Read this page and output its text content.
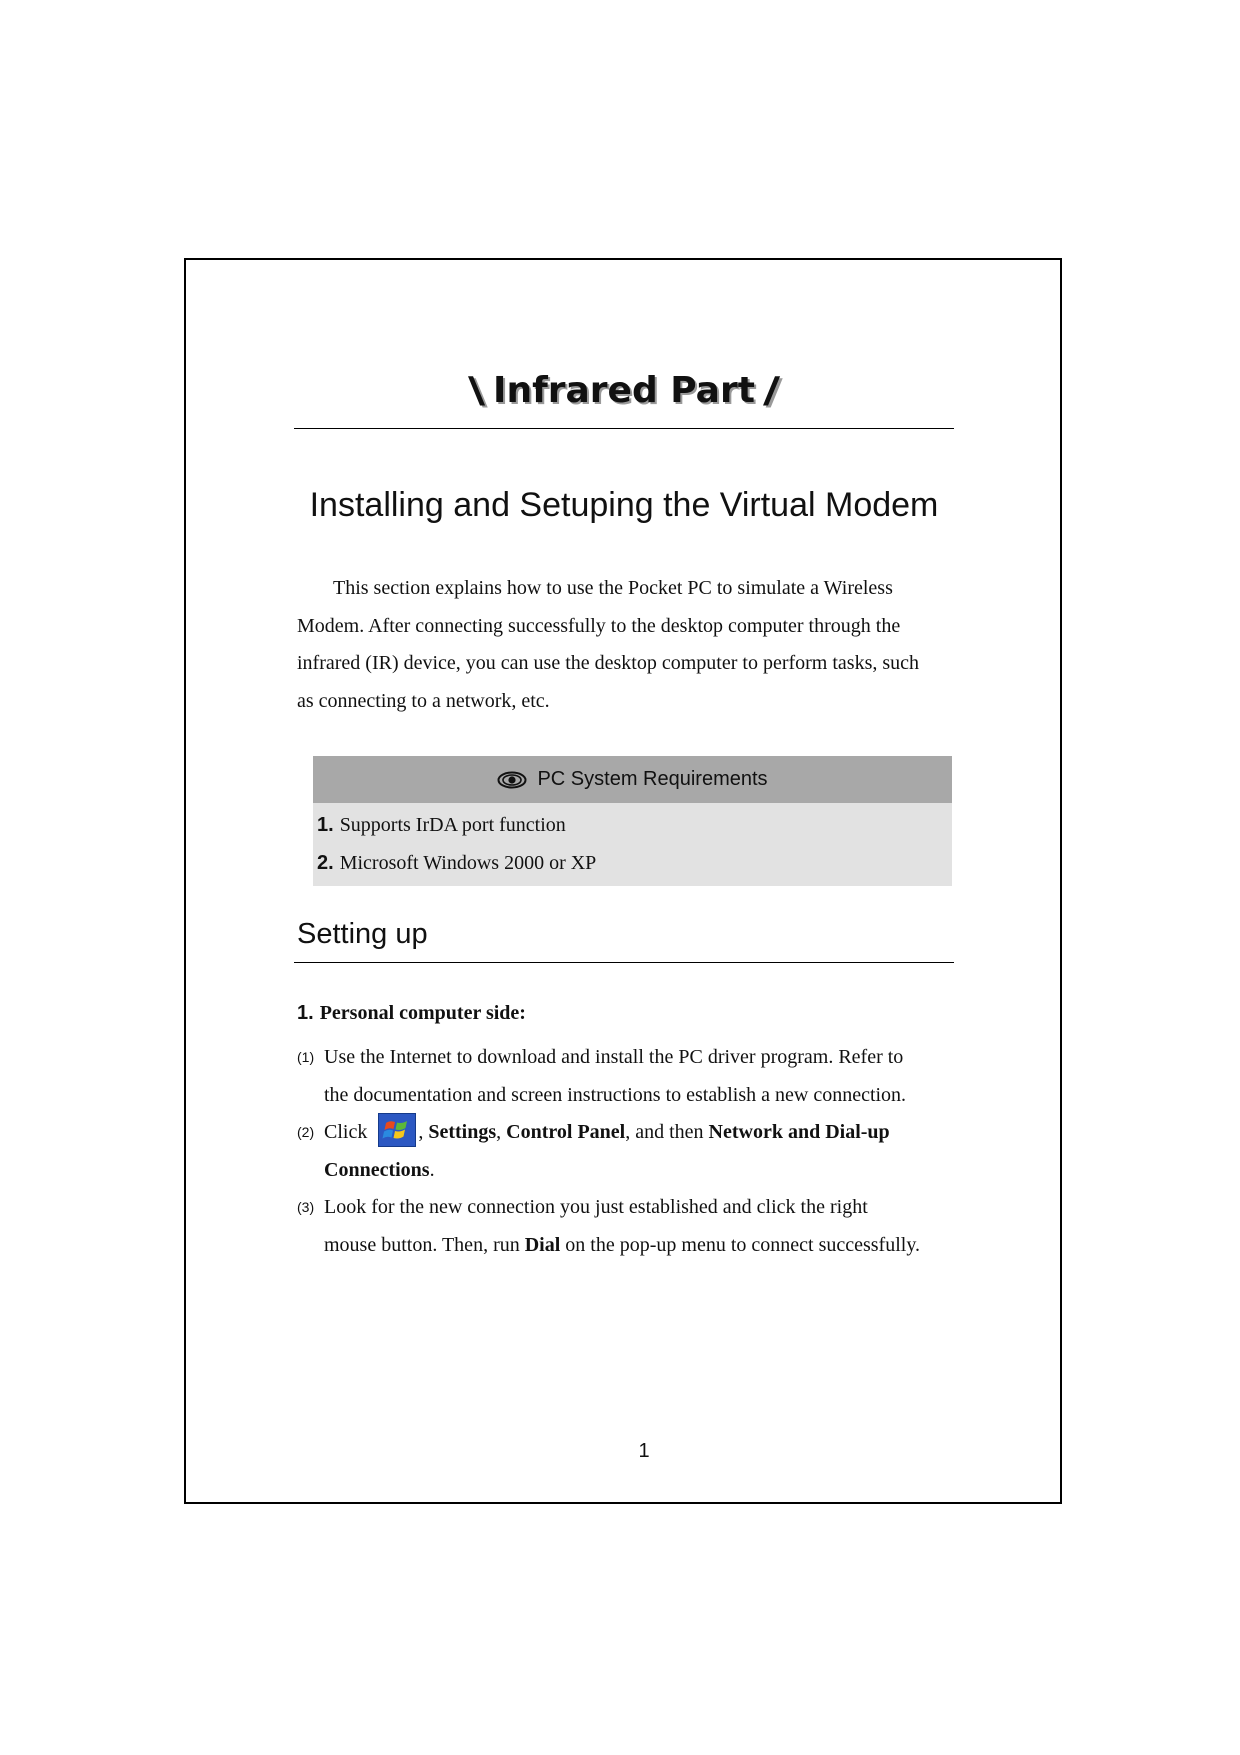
\ Infrared Part /
Installing and Setuping the Virtual Modem
This section explains how to use the Pocket PC to simulate a Wireless
Modem. After connecting successfully to the desktop computer through the
infrared (IR) device, you can use the desktop computer to perform tasks, such
as connecting to a network, etc.
PC System Requirements
1. Supports IrDA port function
2. Microsoft Windows 2000 or XP
Setting up
1. Personal computer side:
(1) Use the Internet to download and install the PC driver program. Refer to
the documentation and screen instructions to establish a new connection.
(2) Click	, Settings, Control Panel, and then Network and Dial-up
Connections.
(3) Look for the new connection you just established and click the right
mouse button. Then, run Dial on the pop-up menu to connect successfully.
1
